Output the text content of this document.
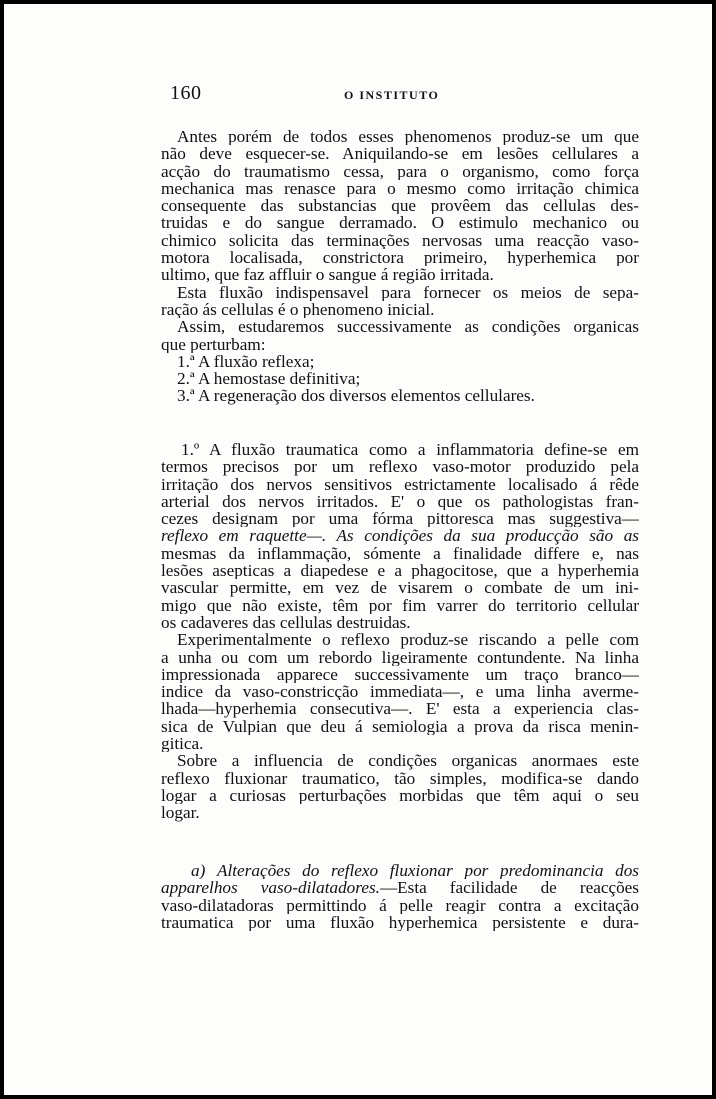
160	O INSTITUTO
Antes porém de todos esses phenomenos produz-se um que
não deve esquecer-se. Aniquilando-se em lesões cellulares a
acção do traumatismo cessa, para o organismo, como força
mechanica mas renasce para o mesmo como irritação chimica
consequente das substancias que provêem das cellulas des-
truidas e do sangue derramado. O estimulo mechanico ou
chimico solicita das terminações nervosas uma reacção vaso-
motora localisada, constrictora primeiro, hyperhemica por
ultimo, que faz affluir o sangue á região irritada.
Esta fluxão indispensavel para fornecer os meios de sepa-
ração ás cellulas é o phenomeno inicial.
Assim, estudaremos successivamente as condições organicas
que perturbam:
1.ª A fluxão reflexa;
2.ª A hemostase definitiva;
3.ª A regeneração dos diversos elementos cellulares.
1.º A fluxão traumatica como a inflammatoria define-se em
termos precisos por um reflexo vaso-motor produzido pela
irritação dos nervos sensitivos estrictamente localisado á rêde
arterial dos nervos irritados. E' o que os pathologistas fran-
cezes designam por uma fórma pittoresca mas suggestiva—
reflexo em raquette—. As condições da sua producção são as
mesmas da inflammação, sómente a finalidade differe e, nas
lesões asepticas a diapedese e a phagocitose, que a hyperhemia
vascular permitte, em vez de visarem o combate de um ini-
migo que não existe, têm por fim varrer do territorio cellular
os cadaveres das cellulas destruidas.
Experimentalmente o reflexo produz-se riscando a pelle com
a unha ou com um rebordo ligeiramente contundente. Na linha
impressionada apparece successivamente um traço branco—
indice da vaso-constricção immediata—, e uma linha averme-
lhada—hyperhemia consecutiva—. E' esta a experiencia clas-
sica de Vulpian que deu á semiologia a prova da risca menin-
gitica.
Sobre a influencia de condições organicas anormaes este
reflexo fluxionar traumatico, tão simples, modifica-se dando
logar a curiosas perturbações morbidas que têm aqui o seu
logar.
a) Alterações do reflexo fluxionar por predominancia dos
apparelhos vaso-dilatadores.—Esta facilidade de reacções
vaso-dilatadoras permittindo á pelle reagir contra a excitação
traumatica por uma fluxão hyperhemica persistente e dura-
